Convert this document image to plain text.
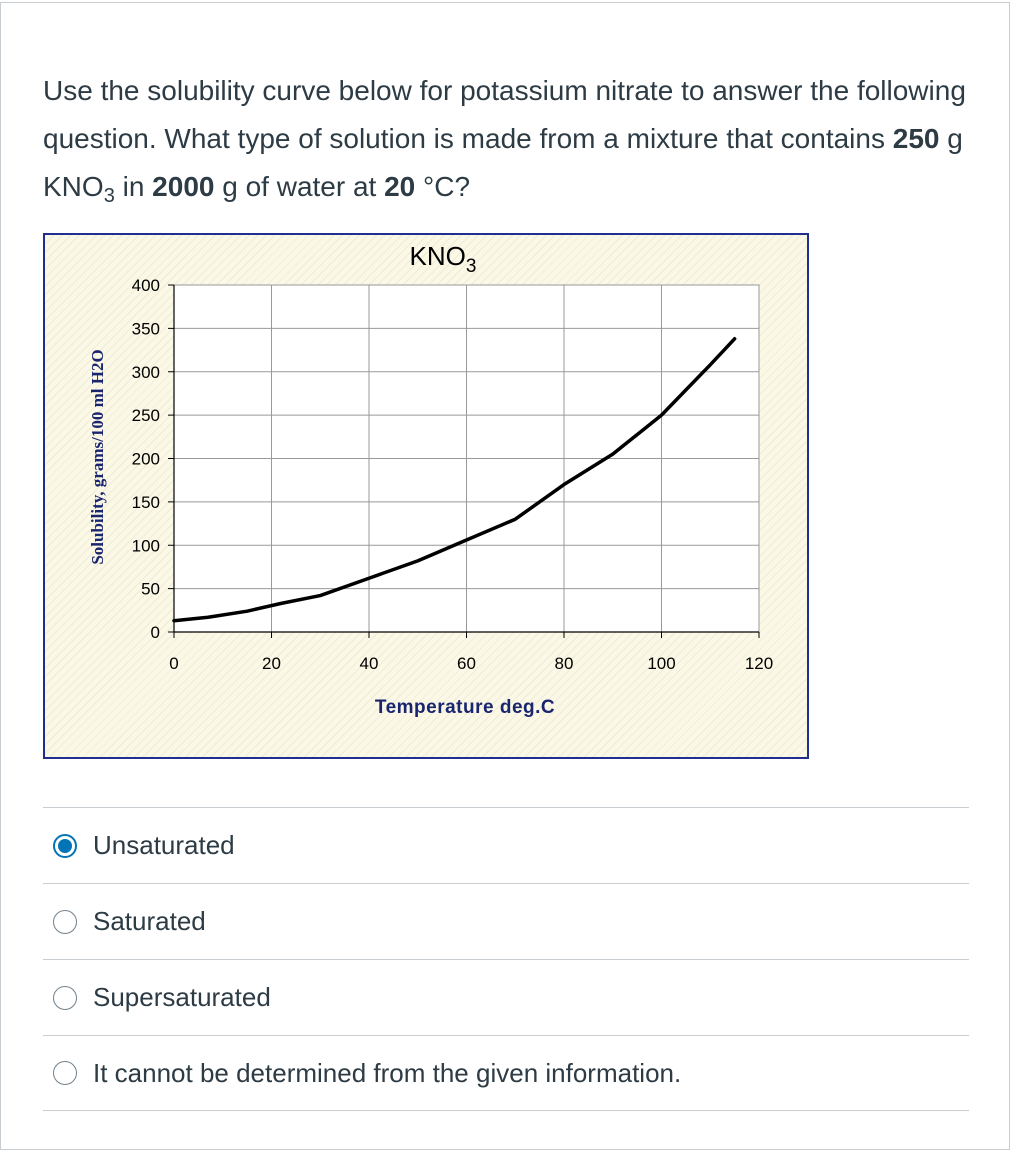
Use the solubility curve below for potassium nitrate to answer the following question. What type of solution is made from a mixture that contains 250 g $KNO_3$ in 2000 g of water at 20 °C?

0	20	40	60	80	100	120
0
50
100
150
200
250
300
350
400
$KNO_3$
Temperature deg.C
Solubility, grams/100 ml H2O
Unsaturated
Saturated
Supersaturated
It cannot be determined from the given information.
